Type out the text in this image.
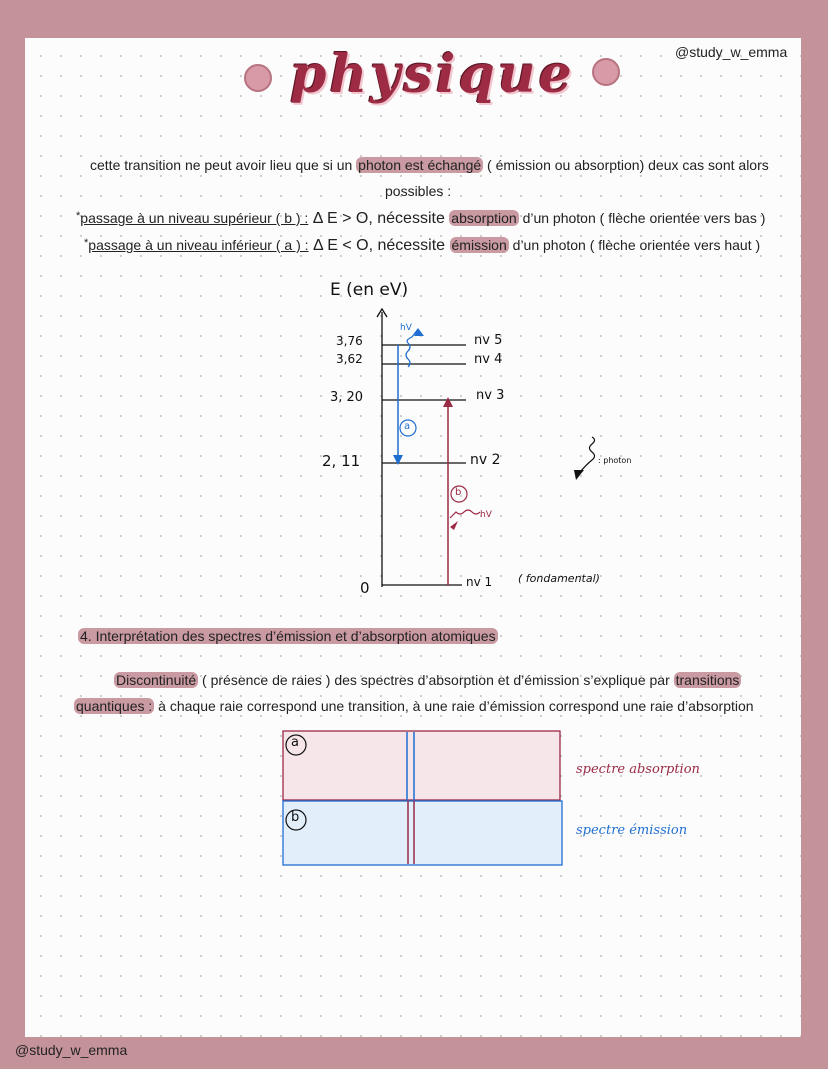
physique	@study_w_emma
cette transition ne peut avoir lieu que si un photon est échangé ( émission ou absorption) deux cas sont alors
possibles :
*passage à un niveau supérieur ( b ) : Δ E > O, nécessite absorption d’un photon ( flèche orientée vers bas )
*passage à un niveau inférieur ( a ) : Δ E < O, nécessite émission d’un photon ( flèche orientée vers haut )
E (en eV)
0
3,76
3,62
3, 20
2, 11
nv 5
nv 4
nv 3
nv 2
nv 1 ( fondamental)
hV
a
b
hV
: photon
4. Interprétation des spectres d’émission et d’absorption atomiques
Discontinuité ( présence de raies ) des spectres d’absorption et d’émission s’explique par transitions
quantiques : à chaque raie correspond une transition, à une raie d’émission correspond une raie d’absorption
a
b
spectre absorption
spectre émission
@study_w_emma
